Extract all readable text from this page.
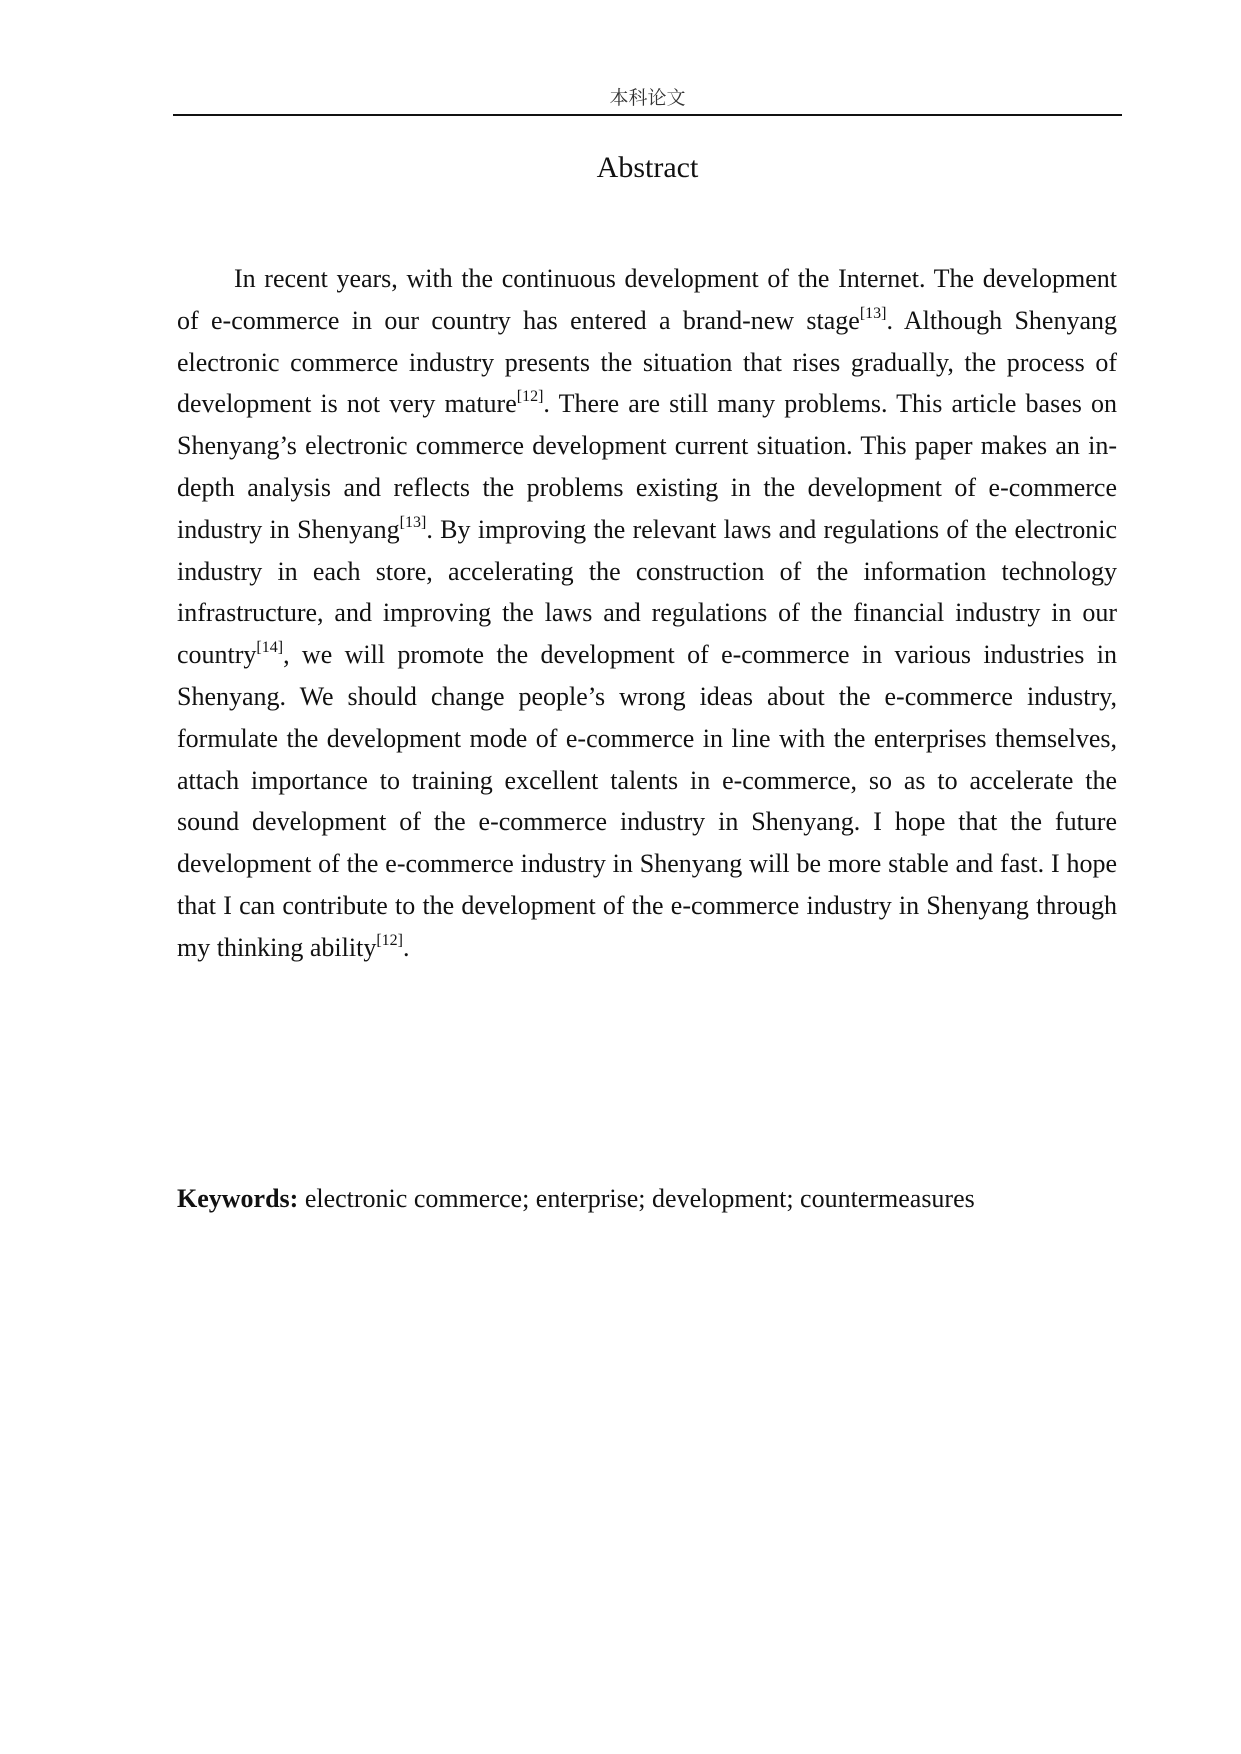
本科论文
Abstract

In recent years, with the continuous development of the Internet. The development of e-commerce in our country has entered a brand-new stage[13]. Although Shenyang electronic commerce industry presents the situation that rises gradually, the process of development is not very mature[12]. There are still many problems. This article bases on Shenyang’s electronic commerce development current situation. This paper makes an in-depth analysis and reflects the problems existing in the development of e-commerce industry in Shenyang[13]. By improving the relevant laws and regulations of the electronic industry in each store, accelerating the construction of the information technology infrastructure, and improving the laws and regulations of the financial industry in our country[14], we will promote the development of e-commerce in various industries in Shenyang. We should change people’s wrong ideas about the e-commerce industry, formulate the development mode of e-commerce in line with the enterprises themselves, attach importance to training excellent talents in e-commerce, so as to accelerate the sound development of the e-commerce industry in Shenyang. I hope that the future development of the e-commerce industry in Shenyang will be more stable and fast. I hope that I can contribute to the development of the e-commerce industry in Shenyang through my thinking ability[12].

Keywords: electronic commerce; enterprise; development; countermeasures
